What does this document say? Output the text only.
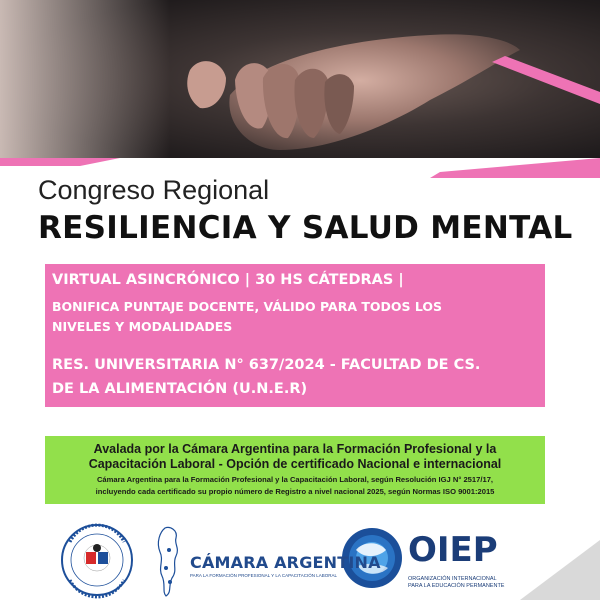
Congreso Regional
RESILIENCIA Y SALUD MENTAL
VIRTUAL ASINCRÓNICO | 30 HS CÁTEDRAS |
BONIFICA PUNTAJE DOCENTE, VÁLIDO PARA TODOS LOS
NIVELES Y MODALIDADES
RES. UNIVERSITARIA N° 637/2024 - FACULTAD DE CS.
DE LA ALIMENTACIÓN (U.N.E.R)
Avalada por la Cámara Argentina para la Formación Profesional y la
Capacitación Laboral - Opción de certificado Nacional e internacional
Cámara Argentina para la Formación Profesional y la Capacitación Laboral, según Resolución IGJ N° 2517/17,
incluyendo cada certificado su propio número de Registro a nivel nacional 2025, según Normas ISO 9001:2015
CÁMARA ARGENTINA
PARA LA FORMACIÓN PROFESIONAL Y LA CAPACITACIÓN LABORAL
OIEP
ORGANIZACIÓN INTERNACIONAL
PARA LA EDUCACIÓN PERMANENTE
